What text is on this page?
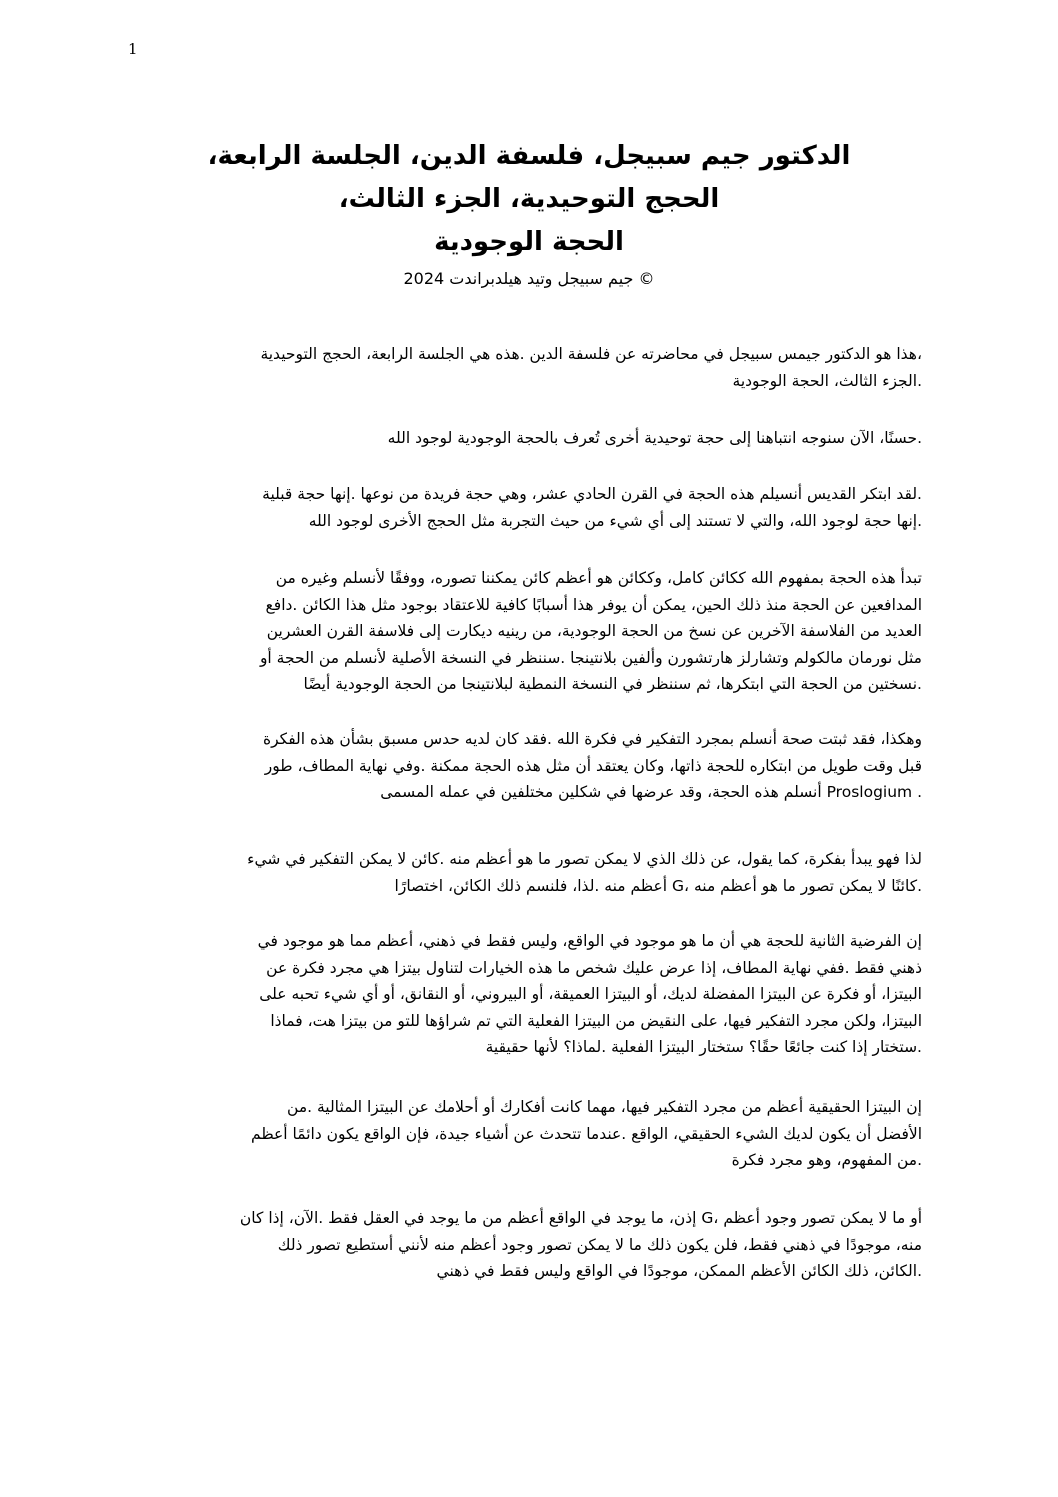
1
،الدكتور جيم سبيجل، فلسفة الدين، الجلسة الرابعة
،الحجج التوحيدية، الجزء الثالث
الحجة الوجودية
جيم سبيجل وتيد هيلدبراندت 2024 ©
،هذا هو الدكتور جيمس سبيجل في محاضرته عن فلسفة الدين .هذه هي الجلسة الرابعة، الحجج التوحيدية
.الجزء الثالث، الحجة الوجودية
.حسنًا، الآن سنوجه انتباهنا إلى حجة توحيدية أخرى تُعرف بالحجة الوجودية لوجود الله
.لقد ابتكر القديس أنسيلم هذه الحجة في القرن الحادي عشر، وهي حجة فريدة من نوعها .إنها حجة قبلية
.إنها حجة لوجود الله، والتي لا تستند إلى أي شيء من حيث التجربة مثل الحجج الأخرى لوجود الله
تبدأ هذه الحجة بمفهوم الله ككائن كامل، وككائن هو أعظم كائن يمكننا تصوره، ووفقًا لأنسلم وغيره من
المدافعين عن الحجة منذ ذلك الحين، يمكن أن يوفر هذا أسبابًا كافية للاعتقاد بوجود مثل هذا الكائن .دافع
العديد من الفلاسفة الآخرين عن نسخ من الحجة الوجودية، من رينيه ديكارت إلى فلاسفة القرن العشرين
مثل نورمان مالكولم وتشارلز هارتشورن وألفين بلانتينجا .سننظر في النسخة الأصلية لأنسلم من الحجة أو
.نسختين من الحجة التي ابتكرها، ثم سننظر في النسخة النمطية لبلانتينجا من الحجة الوجودية أيضًا
وهكذا، فقد ثبتت صحة أنسلم بمجرد التفكير في فكرة الله .فقد كان لديه حدس مسبق بشأن هذه الفكرة
قبل وقت طويل من ابتكاره للحجة ذاتها، وكان يعتقد أن مثل هذه الحجة ممكنة .وفي نهاية المطاف، طور
. Proslogium أنسلم هذه الحجة، وقد عرضها في شكلين مختلفين في عمله المسمى
لذا فهو يبدأ بفكرة، كما يقول، عن ذلك الذي لا يمكن تصور ما هو أعظم منه .كائن لا يمكن التفكير في شيء
.كائنًا لا يمكن تصور ما هو أعظم منه ،G أعظم منه .لذا، فلنسم ذلك الكائن، اختصارًا
إن الفرضية الثانية للحجة هي أن ما هو موجود في الواقع، وليس فقط في ذهني، أعظم مما هو موجود في
ذهني فقط .ففي نهاية المطاف، إذا عرض عليك شخص ما هذه الخيارات لتناول بيتزا هي مجرد فكرة عن
البيتزا، أو فكرة عن البيتزا المفضلة لديك، أو البيتزا العميقة، أو البيروني، أو النقانق، أو أي شيء تحبه على
البيتزا، ولكن مجرد التفكير فيها، على النقيض من البيتزا الفعلية التي تم شراؤها للتو من بيتزا هت، فماذا
.ستختار إذا كنت جائعًا حقًا؟ ستختار البيتزا الفعلية .لماذا؟ لأنها حقيقية
إن البيتزا الحقيقية أعظم من مجرد التفكير فيها، مهما كانت أفكارك أو أحلامك عن البيتزا المثالية .من
الأفضل أن يكون لديك الشيء الحقيقي، الواقع .عندما تتحدث عن أشياء جيدة، فإن الواقع يكون دائمًا أعظم
.من المفهوم، وهو مجرد فكرة
أو ما لا يمكن تصور وجود أعظم ،G إذن، ما يوجد في الواقع أعظم من ما يوجد في العقل فقط .الآن، إذا كان
منه، موجودًا في ذهني فقط، فلن يكون ذلك ما لا يمكن تصور وجود أعظم منه لأنني أستطيع تصور ذلك
.الكائن، ذلك الكائن الأعظم الممكن، موجودًا في الواقع وليس فقط في ذهني
